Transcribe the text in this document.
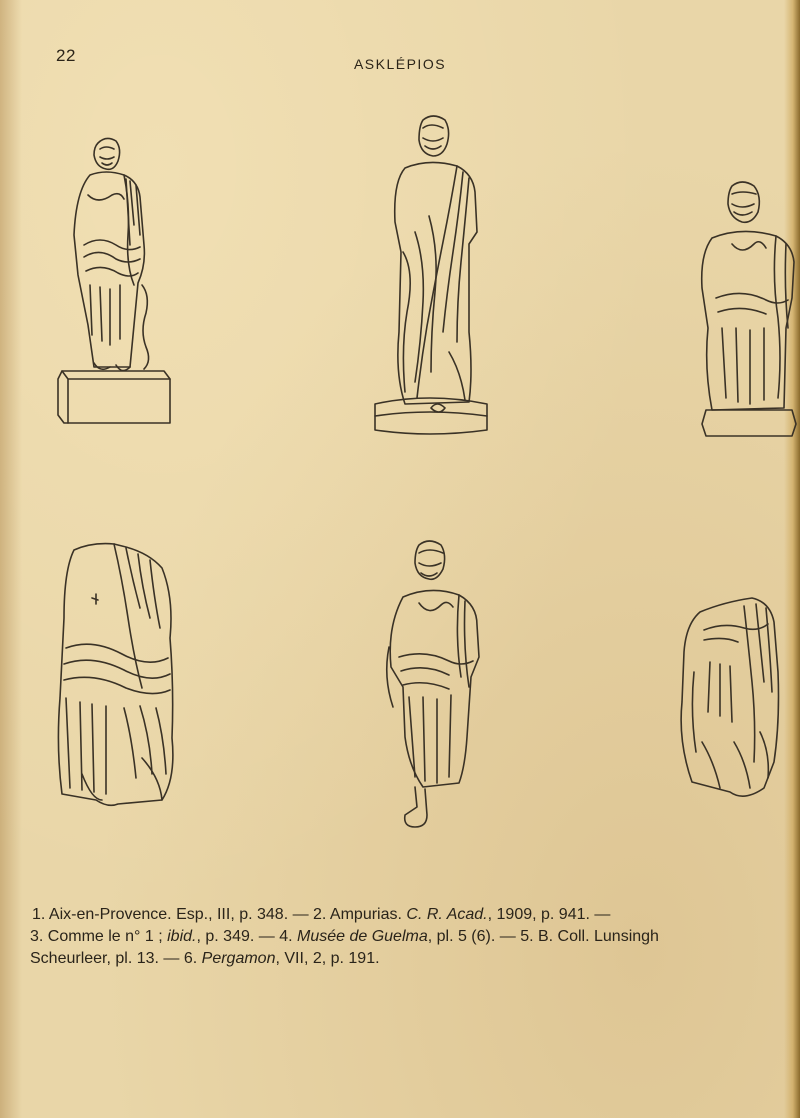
22	ASKLÉPIOS
1. Aix-en-Provence. Esp., III, p. 348. — 2. Ampurias. C. R. Acad., 1909, p. 941. —
3. Comme le n° 1 ; ibid., p. 349. — 4. Musée de Guelma, pl. 5 (6). — 5. B. Coll. Lunsingh
Scheurleer, pl. 13. — 6. Pergamon, VII, 2, p. 191.
